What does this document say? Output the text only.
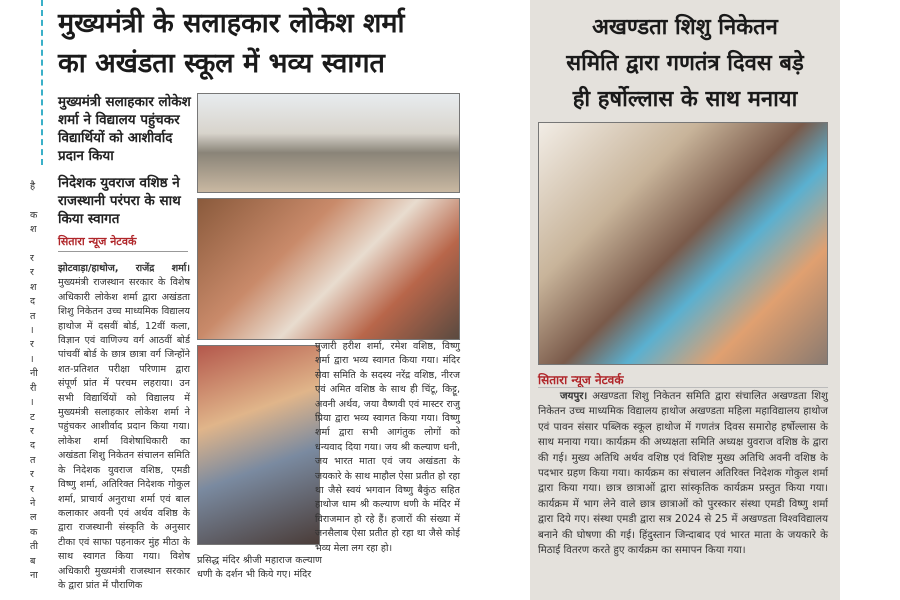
है

क
श

र
र
श
द
त
।
र
।
नी
री
।
ट
र
द
त
र
र
ने
ल
क
ती
ब
ना
मुख्यमंत्री के सलाहकार लोकेश शर्मा
का अखंडता स्कूल में भव्य स्वागत
मुख्यमंत्री सलाहकार लोकेश शर्मा ने विद्यालय पहुंचकर विद्यार्थियों को आशीर्वाद प्रदान किया
निदेशक युवराज वशिष्ठ ने राजस्थानी परंपरा के साथ किया स्वागत
सितारा न्यूज नेटवर्क
झोटवाड़ा/हाथोज, राजेंद्र शर्मा। मुख्यमंत्री राजस्थान सरकार के विशेष अधिकारी लोकेश शर्मा द्वारा अखंडता शिशु निकेतन उच्च माध्यमिक विद्यालय हाथोज में दसवीं बोर्ड, 12वीं कला, विज्ञान एवं वाणिज्य वर्ग आठवीं बोर्ड पांचवीं बोर्ड के छात्र छात्रा वर्ग जिन्होंने शत-प्रतिशत परीक्षा परिणाम द्वारा संपूर्ण प्रांत में परचम लहराया। उन सभी विद्यार्थियों को विद्यालय में मुख्यमंत्री सलाहकार लोकेश शर्मा ने पहुंचकर आशीर्वाद प्रदान किया गया। लोकेश शर्मा विशेषाधिकारी का अखंडता शिशु निकेतन संचालन समिति के निदेशक युवराज वशिष्ठ, एमडी विष्णु शर्मा, अतिरिक्त निदेशक गोकुल शर्मा, प्राचार्य अनुराधा शर्मा एवं बाल कलाकार अवनी एवं अर्थव वशिष्ठ के द्वारा राजस्थानी संस्कृति के अनुसार टीका एवं साफा पहनाकर मुंह मीठा के साथ स्वागत किया गया। विशेष अधिकारी मुख्यमंत्री राजस्थान सरकार के द्वारा प्रांत में पौराणिक
प्रसिद्ध मंदिर श्रीजी महाराज कल्याण धणी के दर्शन भी किये गए। मंदिर
पुजारी हरीश शर्मा, रमेश वशिष्ठ, विष्णु शर्मा द्वारा भव्य स्वागत किया गया। मंदिर सेवा समिति के सदस्य नरेंद्र वशिष्ठ, नीरज एवं अमित वशिष्ठ के साथ ही चिंटू, किट्टू, अवनी अर्थव, जया वैष्णवी एवं मास्टर राजु प्रिया द्वारा भव्य स्वागत किया गया। विष्णु शर्मा द्वारा सभी आगंतुक लोगों को धन्यवाद दिया गया। जय श्री कल्याण धनी, जय भारत माता एवं जय अखंडता के जयकारे के साथ माहौल ऐसा प्रतीत हो रहा था जैसे स्वयं भगवान विष्णु बैकुंठ सहित हाथोज धाम श्री कल्याण धणी के मंदिर में विराजमान हो रहे हैं। हजारों की संख्या में जनसैलाब ऐसा प्रतीत हो रहा था जैसे कोई भव्य मेला लग रहा हो।
अखण्डता शिशु निकेतन
समिति द्वारा गणतंत्र दिवस बड़े
ही हर्षोल्लास के साथ मनाया
सितारा न्यूज नेटवर्क
जयपुर। अखण्डता शिशु निकेतन समिति द्वारा संचालित अखण्डता शिशु निकेतन उच्च माध्यमिक विद्यालय हाथोज अखण्डता महिला महाविद्यालय हाथोज एवं पावन संसार पब्लिक स्कूल हाथोज में गणतंत्र दिवस समारोह हर्षोल्लास के साथ मनाया गया। कार्यक्रम की अध्यक्षता समिति अध्यक्ष युवराज वशिष्ठ के द्वारा की गई। मुख्य अतिथि अर्थव वशिष्ठ एवं विशिष्ट मुख्य अतिथि अवनी वशिष्ठ के पदभार ग्रहण किया गया। कार्यक्रम का संचालन अतिरिक्त निदेशक गोकुल शर्मा द्वारा किया गया। छात्र छात्राओं द्वारा सांस्कृतिक कार्यक्रम प्रस्तुत किया गया। कार्यक्रम में भाग लेने वाले छात्र छात्राओं को पुरस्कार संस्था एमडी विष्णु शर्मा द्वारा दिये गए। संस्था एमडी द्वारा सत्र 2024 से 25 में अखण्डता विश्वविद्यालय बनाने की घोषणा की गई। हिंदुस्तान जिन्दाबाद एवं भारत माता के जयकारे के मिठाई वितरण करते हुए कार्यक्रम का समापन किया गया।
